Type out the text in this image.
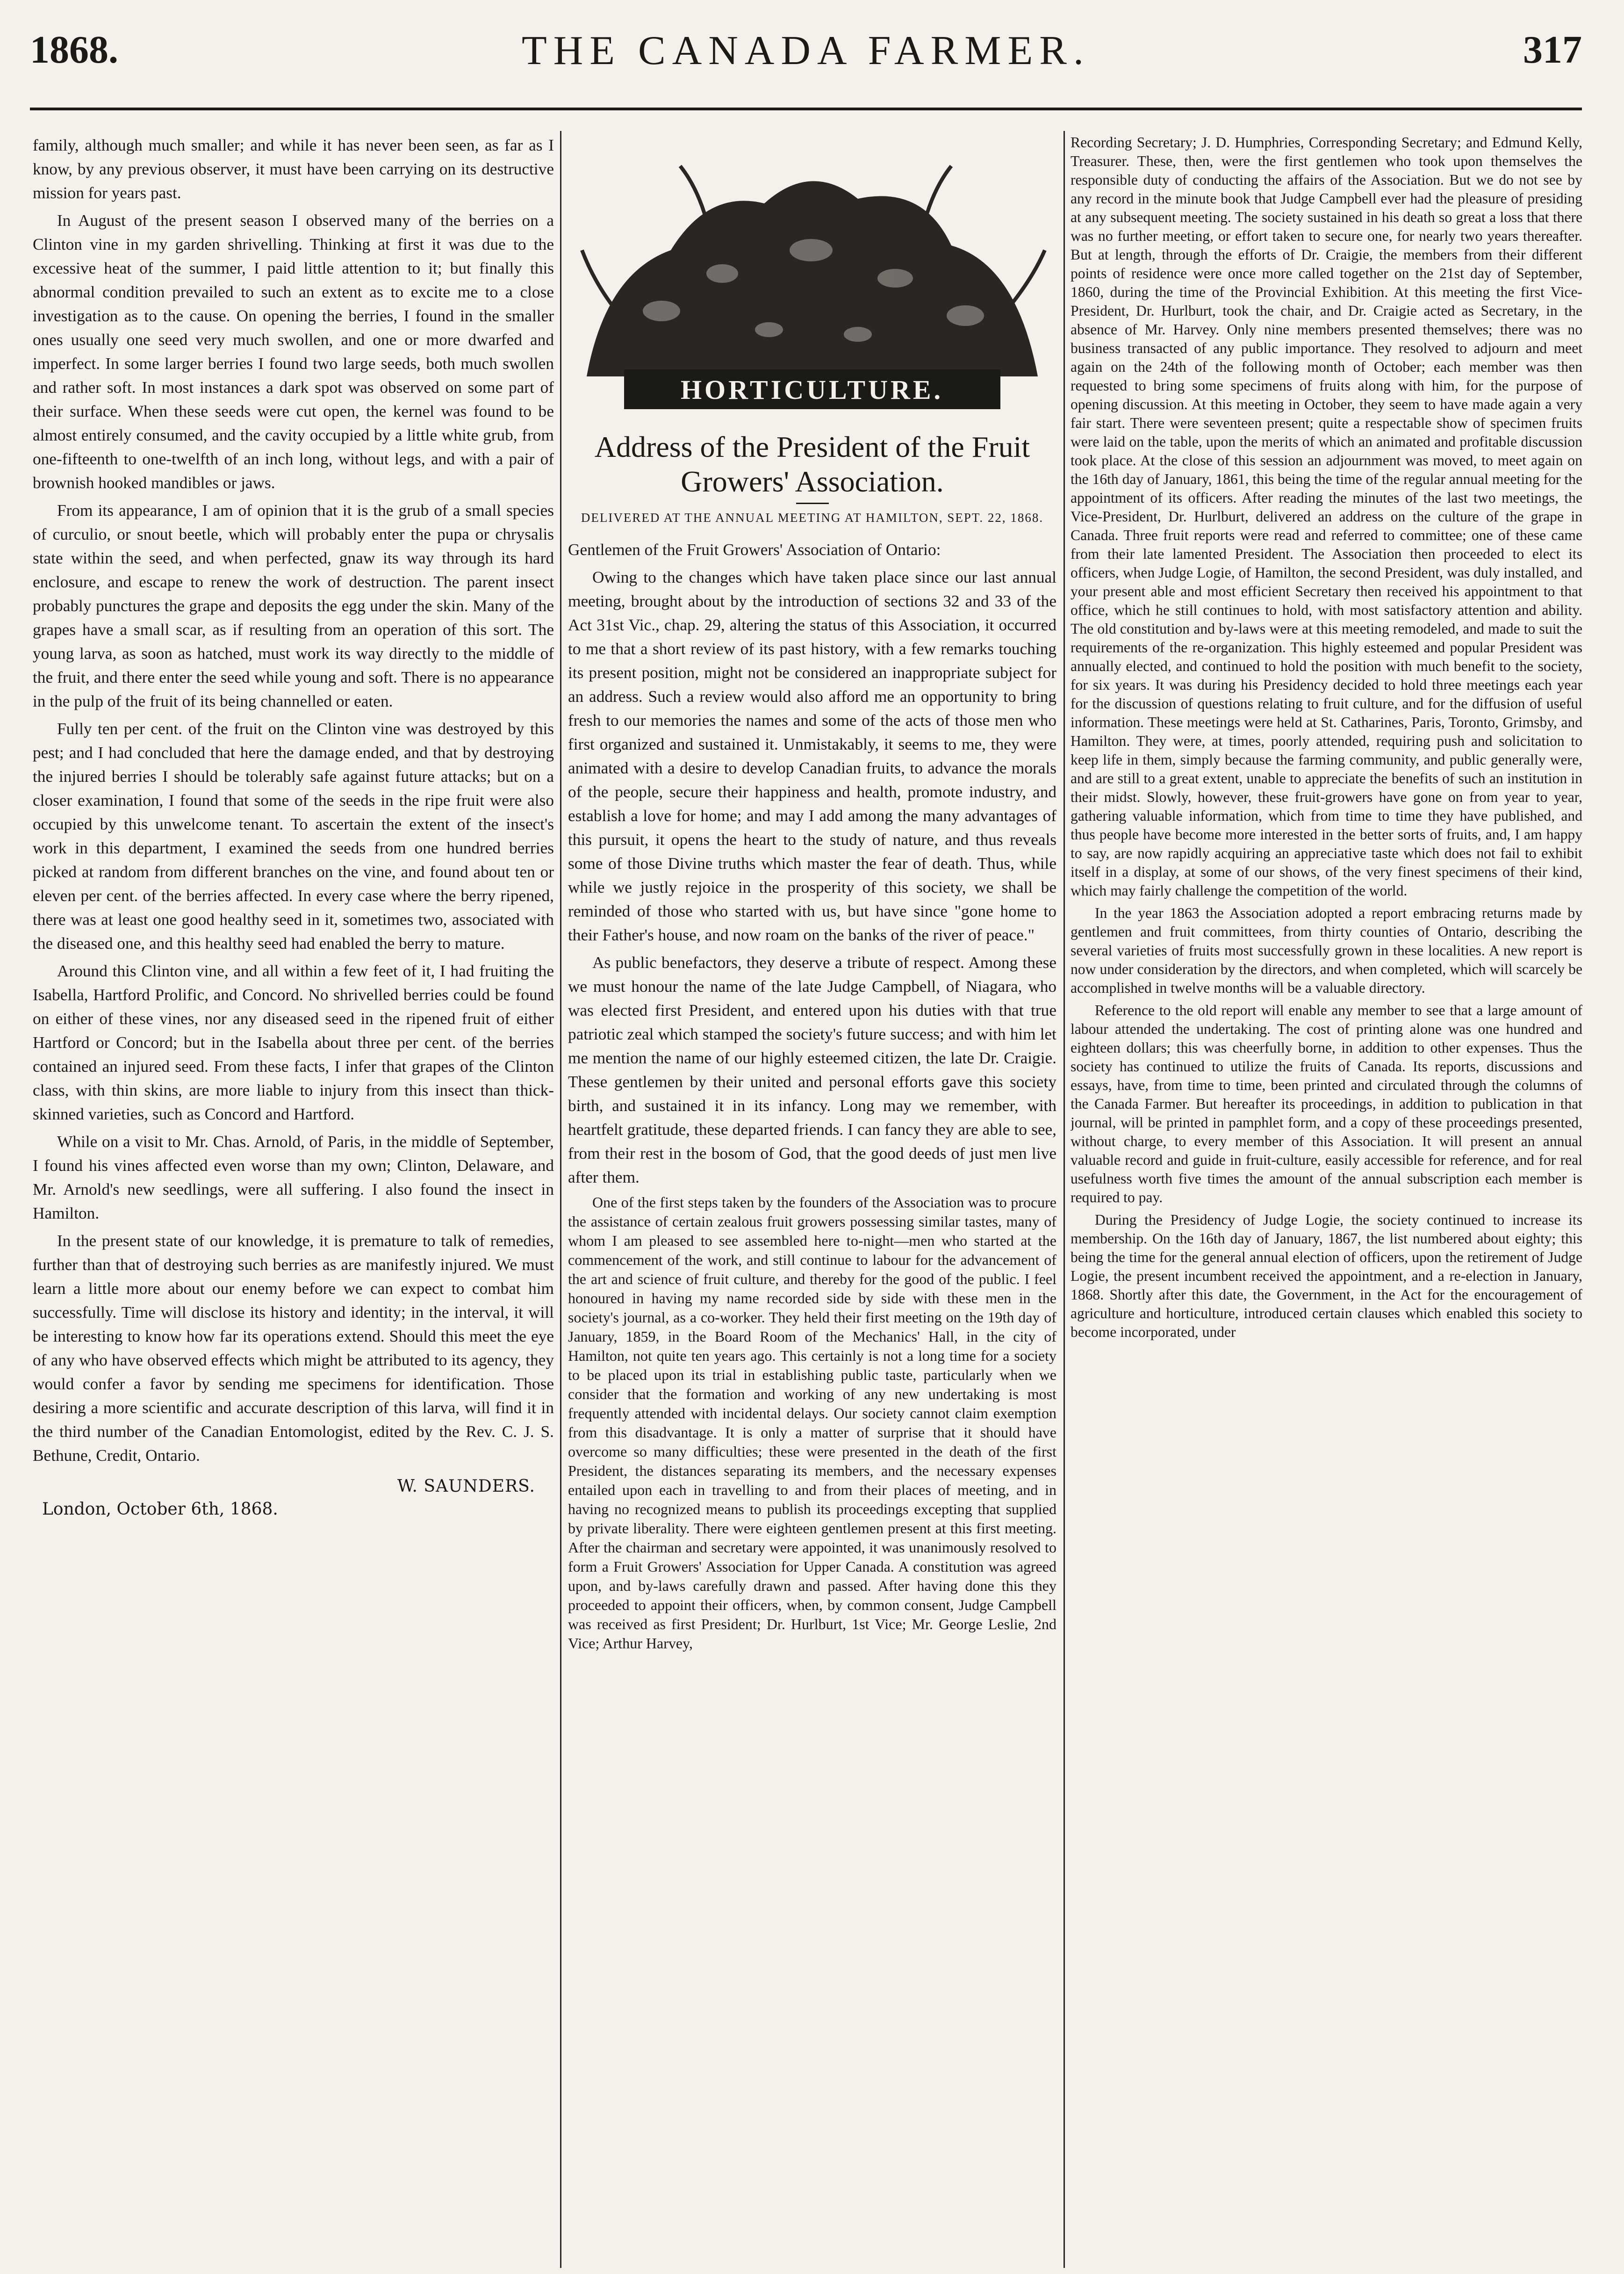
1868.	THE CANADA FARMER.	317

family, although much smaller; and while it has never been seen, as far as I know, by any previous observer, it must have been carrying on its destructive mission for years past.

In August of the present season I observed many of the berries on a Clinton vine in my garden shrivelling. Thinking at first it was due to the excessive heat of the summer, I paid little attention to it; but finally this abnormal condition prevailed to such an extent as to excite me to a close investigation as to the cause. On opening the berries, I found in the smaller ones usually one seed very much swollen, and one or more dwarfed and imperfect. In some larger berries I found two large seeds, both much swollen and rather soft. In most instances a dark spot was observed on some part of their surface. When these seeds were cut open, the kernel was found to be almost entirely consumed, and the cavity occupied by a little white grub, from one-fifteenth to one-twelfth of an inch long, without legs, and with a pair of brownish hooked mandibles or jaws.

From its appearance, I am of opinion that it is the grub of a small species of curculio, or snout beetle, which will probably enter the pupa or chrysalis state within the seed, and when perfected, gnaw its way through its hard enclosure, and escape to renew the work of destruction. The parent insect probably punctures the grape and deposits the egg under the skin. Many of the grapes have a small scar, as if resulting from an operation of this sort. The young larva, as soon as hatched, must work its way directly to the middle of the fruit, and there enter the seed while young and soft. There is no appearance in the pulp of the fruit of its being channelled or eaten.

Fully ten per cent. of the fruit on the Clinton vine was destroyed by this pest; and I had concluded that here the damage ended, and that by destroying the injured berries I should be tolerably safe against future attacks; but on a closer examination, I found that some of the seeds in the ripe fruit were also occupied by this unwelcome tenant. To ascertain the extent of the insect's work in this department, I examined the seeds from one hundred berries picked at random from different branches on the vine, and found about ten or eleven per cent. of the berries affected. In every case where the berry ripened, there was at least one good healthy seed in it, sometimes two, associated with the diseased one, and this healthy seed had enabled the berry to mature.

Around this Clinton vine, and all within a few feet of it, I had fruiting the Isabella, Hartford Prolific, and Concord. No shrivelled berries could be found on either of these vines, nor any diseased seed in the ripened fruit of either Hartford or Concord; but in the Isabella about three per cent. of the berries contained an injured seed. From these facts, I infer that grapes of the Clinton class, with thin skins, are more liable to injury from this insect than thick-skinned varieties, such as Concord and Hartford.

While on a visit to Mr. Chas. Arnold, of Paris, in the middle of September, I found his vines affected even worse than my own; Clinton, Delaware, and Mr. Arnold's new seedlings, were all suffering. I also found the insect in Hamilton.

In the present state of our knowledge, it is premature to talk of remedies, further than that of destroying such berries as are manifestly injured. We must learn a little more about our enemy before we can expect to combat him successfully. Time will disclose its history and identity; in the interval, it will be interesting to know how far its operations extend. Should this meet the eye of any who have observed effects which might be attributed to its agency, they would confer a favor by sending me specimens for identification. Those desiring a more scientific and accurate description of this larva, will find it in the third number of the Canadian Entomologist, edited by the Rev. C. J. S. Bethune, Credit, Ontario.

W. SAUNDERS.
London, October 6th, 1868.
HORTICULTURE.
Address of the President of the Fruit Growers' Association.
DELIVERED AT THE ANNUAL MEETING AT HAMILTON, SEPT. 22, 1868.

Gentlemen of the Fruit Growers' Association of Ontario:

Owing to the changes which have taken place since our last annual meeting, brought about by the introduction of sections 32 and 33 of the Act 31st Vic., chap. 29, altering the status of this Association, it occurred to me that a short review of its past history, with a few remarks touching its present position, might not be considered an inappropriate subject for an address. Such a review would also afford me an opportunity to bring fresh to our memories the names and some of the acts of those men who first organized and sustained it. Unmistakably, it seems to me, they were animated with a desire to develop Canadian fruits, to advance the morals of the people, secure their happiness and health, promote industry, and establish a love for home; and may I add among the many advantages of this pursuit, it opens the heart to the study of nature, and thus reveals some of those Divine truths which master the fear of death. Thus, while while we justly rejoice in the prosperity of this society, we shall be reminded of those who started with us, but have since "gone home to their Father's house, and now roam on the banks of the river of peace."

As public benefactors, they deserve a tribute of respect. Among these we must honour the name of the late Judge Campbell, of Niagara, who was elected first President, and entered upon his duties with that true patriotic zeal which stamped the society's future success; and with him let me mention the name of our highly esteemed citizen, the late Dr. Craigie. These gentlemen by their united and personal efforts gave this society birth, and sustained it in its infancy. Long may we remember, with heartfelt gratitude, these departed friends. I can fancy they are able to see, from their rest in the bosom of God, that the good deeds of just men live after them.

One of the first steps taken by the founders of the Association was to procure the assistance of certain zealous fruit growers possessing similar tastes, many of whom I am pleased to see assembled here to-night—men who started at the commencement of the work, and still continue to labour for the advancement of the art and science of fruit culture, and thereby for the good of the public. I feel honoured in having my name recorded side by side with these men in the society's journal, as a co-worker. They held their first meeting on the 19th day of January, 1859, in the Board Room of the Mechanics' Hall, in the city of Hamilton, not quite ten years ago. This certainly is not a long time for a society to be placed upon its trial in establishing public taste, particularly when we consider that the formation and working of any new undertaking is most frequently attended with incidental delays. Our society cannot claim exemption from this disadvantage. It is only a matter of surprise that it should have overcome so many difficulties; these were presented in the death of the first President, the distances separating its members, and the necessary expenses entailed upon each in travelling to and from their places of meeting, and in having no recognized means to publish its proceedings excepting that supplied by private liberality. There were eighteen gentlemen present at this first meeting. After the chairman and secretary were appointed, it was unanimously resolved to form a Fruit Growers' Association for Upper Canada. A constitution was agreed upon, and by-laws carefully drawn and passed. After having done this they proceeded to appoint their officers, when, by common consent, Judge Campbell was received as first President; Dr. Hurlburt, 1st Vice; Mr. George Leslie, 2nd Vice; Arthur Harvey,

Recording Secretary; J. D. Humphries, Corresponding Secretary; and Edmund Kelly, Treasurer. These, then, were the first gentlemen who took upon themselves the responsible duty of conducting the affairs of the Association. But we do not see by any record in the minute book that Judge Campbell ever had the pleasure of presiding at any subsequent meeting. The society sustained in his death so great a loss that there was no further meeting, or effort taken to secure one, for nearly two years thereafter. But at length, through the efforts of Dr. Craigie, the members from their different points of residence were once more called together on the 21st day of September, 1860, during the time of the Provincial Exhibition. At this meeting the first Vice-President, Dr. Hurlburt, took the chair, and Dr. Craigie acted as Secretary, in the absence of Mr. Harvey. Only nine members presented themselves; there was no business transacted of any public importance. They resolved to adjourn and meet again on the 24th of the following month of October; each member was then requested to bring some specimens of fruits along with him, for the purpose of opening discussion. At this meeting in October, they seem to have made again a very fair start. There were seventeen present; quite a respectable show of specimen fruits were laid on the table, upon the merits of which an animated and profitable discussion took place. At the close of this session an adjournment was moved, to meet again on the 16th day of January, 1861, this being the time of the regular annual meeting for the appointment of its officers. After reading the minutes of the last two meetings, the Vice-President, Dr. Hurlburt, delivered an address on the culture of the grape in Canada. Three fruit reports were read and referred to committee; one of these came from their late lamented President. The Association then proceeded to elect its officers, when Judge Logie, of Hamilton, the second President, was duly installed, and your present able and most efficient Secretary then received his appointment to that office, which he still continues to hold, with most satisfactory attention and ability. The old constitution and by-laws were at this meeting remodeled, and made to suit the requirements of the re-organization. This highly esteemed and popular President was annually elected, and continued to hold the position with much benefit to the society, for six years. It was during his Presidency decided to hold three meetings each year for the discussion of questions relating to fruit culture, and for the diffusion of useful information. These meetings were held at St. Catharines, Paris, Toronto, Grimsby, and Hamilton. They were, at times, poorly attended, requiring push and solicitation to keep life in them, simply because the farming community, and public generally were, and are still to a great extent, unable to appreciate the benefits of such an institution in their midst. Slowly, however, these fruit-growers have gone on from year to year, gathering valuable information, which from time to time they have published, and thus people have become more interested in the better sorts of fruits, and, I am happy to say, are now rapidly acquiring an appreciative taste which does not fail to exhibit itself in a display, at some of our shows, of the very finest specimens of their kind, which may fairly challenge the competition of the world.

In the year 1863 the Association adopted a report embracing returns made by gentlemen and fruit committees, from thirty counties of Ontario, describing the several varieties of fruits most successfully grown in these localities. A new report is now under consideration by the directors, and when completed, which will scarcely be accomplished in twelve months will be a valuable directory.

Reference to the old report will enable any member to see that a large amount of labour attended the undertaking. The cost of printing alone was one hundred and eighteen dollars; this was cheerfully borne, in addition to other expenses. Thus the society has continued to utilize the fruits of Canada. Its reports, discussions and essays, have, from time to time, been printed and circulated through the columns of the Canada Farmer. But hereafter its proceedings, in addition to publication in that journal, will be printed in pamphlet form, and a copy of these proceedings presented, without charge, to every member of this Association. It will present an annual valuable record and guide in fruit-culture, easily accessible for reference, and for real usefulness worth five times the amount of the annual subscription each member is required to pay.

During the Presidency of Judge Logie, the society continued to increase its membership. On the 16th day of January, 1867, the list numbered about eighty; this being the time for the general annual election of officers, upon the retirement of Judge Logie, the present incumbent received the appointment, and a re-election in January, 1868. Shortly after this date, the Government, in the Act for the encouragement of agriculture and horticulture, introduced certain clauses which enabled this society to become incorporated, under
